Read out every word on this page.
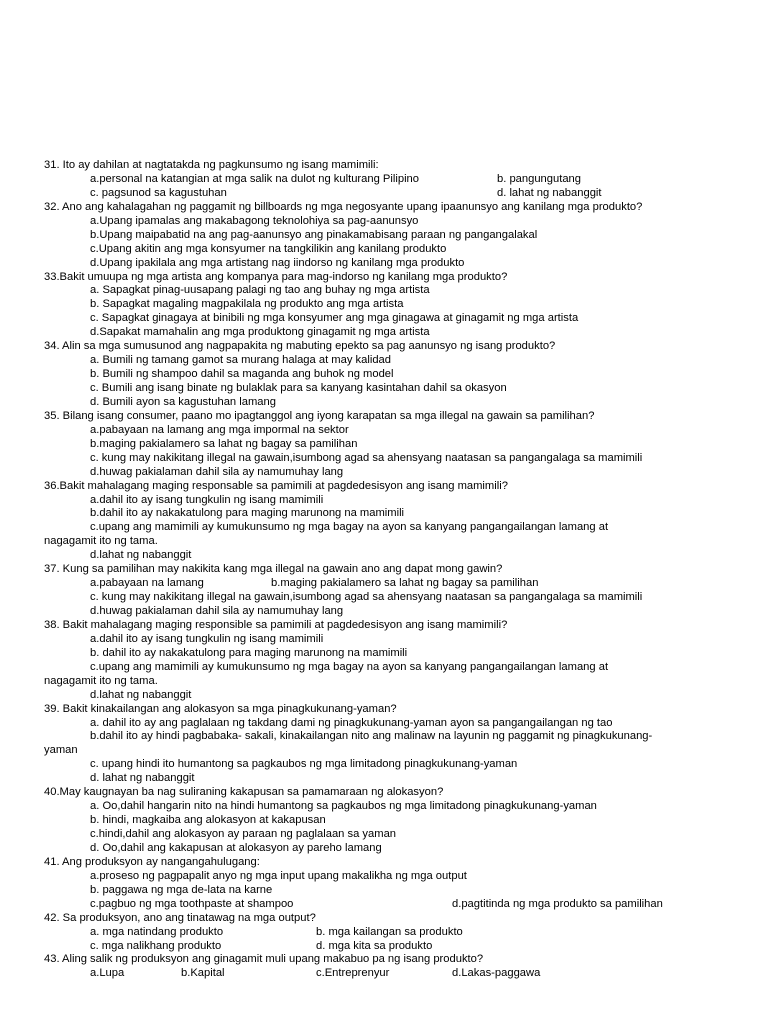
31. Ito ay dahilan at nagtatakda ng pagkunsumo ng isang mamimili:
a.personal na katangian at mga salik na dulot ng kulturang Pilipino	b. pangungutang
c. pagsunod sa kagustuhan	d. lahat ng nabanggit
32. Ano ang kahalagahan ng paggamit ng billboards ng mga negosyante upang ipaanunsyo ang kanilang mga produkto?
a.Upang ipamalas ang makabagong teknolohiya sa pag-aanunsyo
b.Upang maipabatid na ang pag-aanunsyo ang pinakamabisang paraan ng pangangalakal
c.Upang akitin ang mga konsyumer na tangkilikin ang kanilang produkto
d.Upang ipakilala ang mga artistang nag iindorso ng kanilang mga produkto
33.Bakit umuupa ng mga artista ang kompanya para mag-indorso ng kanilang mga produkto?
a. Sapagkat pinag-uusapang palagi ng tao ang buhay ng mga artista
b. Sapagkat magaling magpakilala ng produkto ang mga artista
c. Sapagkat ginagaya at binibili ng mga konsyumer ang mga ginagawa at ginagamit ng mga artista
d.Sapakat mamahalin ang mga produktong ginagamit ng mga artista
34. Alin sa mga sumusunod ang nagpapakita ng mabuting epekto sa pag aanunsyo ng isang produkto?
a. Bumili ng tamang gamot sa murang halaga at may kalidad
b. Bumili ng shampoo dahil sa maganda ang buhok ng model
c. Bumili ang isang binate ng bulaklak para sa kanyang kasintahan dahil sa okasyon
d. Bumili ayon sa kagustuhan lamang
35. Bilang isang consumer, paano mo ipagtanggol ang iyong karapatan sa mga illegal na gawain sa pamilihan?
a.pabayaan na lamang ang mga impormal na sektor
b.maging pakialamero sa lahat ng bagay sa pamilihan
c. kung may nakikitang illegal na gawain,isumbong agad sa ahensyang naatasan sa pangangalaga sa mamimili
d.huwag pakialaman dahil sila ay namumuhay lang
36.Bakit mahalagang maging responsable sa pamimili at pagdedesisyon ang isang mamimili?
a.dahil ito ay isang tungkulin ng isang mamimili
b.dahil ito ay nakakatulong para maging marunong na mamimili
c.upang ang mamimili ay kumukunsumo ng mga bagay na ayon sa kanyang pangangailangan lamang at
nagagamit ito ng tama.
d.lahat ng nabanggit
37. Kung sa pamilihan may nakikita kang mga illegal na gawain ano ang dapat mong gawin?
a.pabayaan na lamang	b.maging pakialamero sa lahat ng bagay sa pamilihan
c. kung may nakikitang illegal na gawain,isumbong agad sa ahensyang naatasan sa pangangalaga sa mamimili
d.huwag pakialaman dahil sila ay namumuhay lang
38. Bakit mahalagang maging responsible sa pamimili at pagdedesisyon ang isang mamimili?
a.dahil ito ay isang tungkulin ng isang mamimili
b. dahil ito ay nakakatulong para maging marunong na mamimili
c.upang ang mamimili ay kumukunsumo ng mga bagay na ayon sa kanyang pangangailangan lamang at
nagagamit ito ng tama.
d.lahat ng nabanggit
39. Bakit kinakailangan ang alokasyon sa mga pinagkukunang-yaman?
a. dahil ito ay ang paglalaan ng takdang dami ng pinagkukunang-yaman ayon sa pangangailangan ng tao
b.dahil ito ay hindi pagbabaka- sakali, kinakailangan nito ang malinaw na layunin ng paggamit ng pinagkukunang-
yaman
c. upang hindi ito humantong sa pagkaubos ng mga limitadong pinagkukunang-yaman
d. lahat ng nabanggit
40.May kaugnayan ba nag suliraning kakapusan sa pamamaraan ng alokasyon?
a. Oo,dahil hangarin nito na hindi humantong sa pagkaubos ng mga limitadong pinagkukunang-yaman
b. hindi, magkaiba ang alokasyon at kakapusan
c.hindi,dahil ang alokasyon ay paraan ng paglalaan sa yaman
d. Oo,dahil ang kakapusan at alokasyon ay pareho lamang
41. Ang produksyon ay nangangahulugang:
a.proseso ng pagpapalit anyo ng mga input upang makalikha ng mga output
b. paggawa ng mga de-lata na karne
c.pagbuo ng mga toothpaste at shampoo	d.pagtitinda ng mga produkto sa pamilihan
42. Sa produksyon, ano ang tinatawag na mga output?
a. mga natindang produkto	b. mga kailangan sa produkto
c. mga nalikhang produkto	d. mga kita sa produkto
43. Aling salik ng produksyon ang ginagamit muli upang makabuo pa ng isang produkto?
a.Lupa	b.Kapital	c.Entreprenyur	d.Lakas-paggawa
